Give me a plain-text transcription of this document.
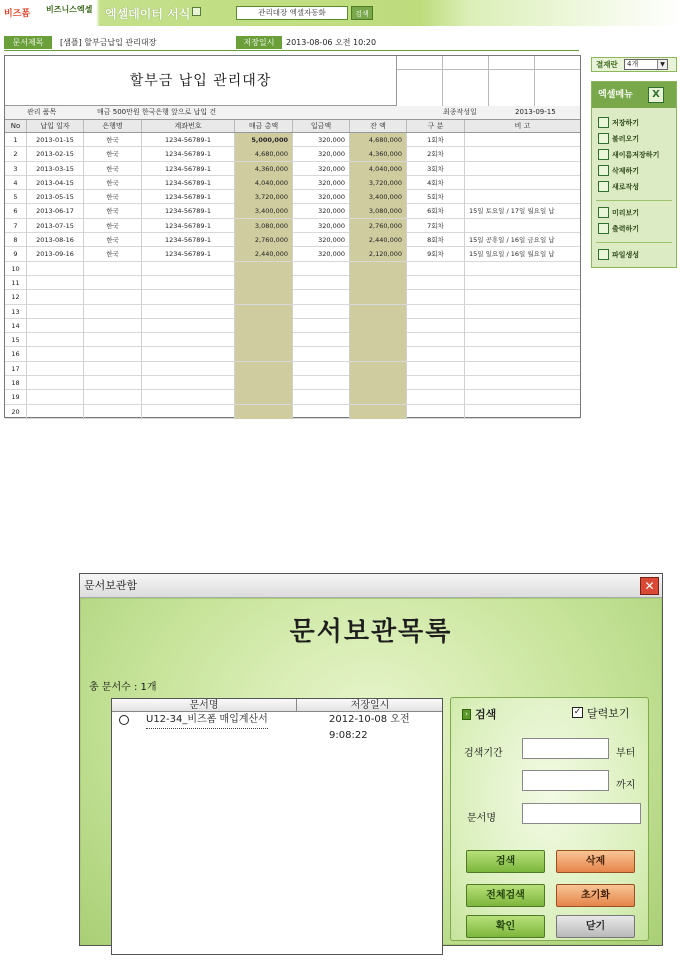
비즈폼 비즈니스엑셀 엑셀데이터 서식	관리대장 엑셀자동화	검색
문서제목	[샘플] 할부금납입 관리대장	저장일시	2013-08-06 오전 10:20
할부금 납입 관리대장
관리 품목	매금 500만원 한국은행 앞으로 납입 건	최종작성일	2013-09-15
No	납입 일자	은행명	계좌번호	매금 총액	입금액	잔 액	구 분	비 고
1	2013-01-15	한국	1234-56789-1	5,000,000	320,000	4,680,000	1회차
2	2013-02-15	한국	1234-56789-1	4,680,000	320,000	4,360,000	2회차
3	2013-03-15	한국	1234-56789-1	4,360,000	320,000	4,040,000	3회차
4	2013-04-15	한국	1234-56789-1	4,040,000	320,000	3,720,000	4회차
5	2013-05-15	한국	1234-56789-1	3,720,000	320,000	3,400,000	5회차
6	2013-06-17	한국	1234-56789-1	3,400,000	320,000	3,080,000	6회차	15일 토요일 / 17일 월요일 납
7	2013-07-15	한국	1234-56789-1	3,080,000	320,000	2,760,000	7회차
8	2013-08-16	한국	1234-56789-1	2,760,000	320,000	2,440,000	8회차	15일 공휴일 / 16일 금요일 납
9	2013-09-16	한국	1234-56789-1	2,440,000	320,000	2,120,000	9회차	15일 일요일 / 16일 월요일 납
10
11
12
13
14
15
16
17
18
19
20
결재란	4개	▼
엑셀메뉴	X
저장하기
불러오기
새이름저장하기
삭제하기
새로작성
미리보기
출력하기
파일생성
문서보관함	✕
문서보관목록
총 문서수 : 1개
문서명	저장일시
U12-34_비즈폼 매입계산서	2012-10-08 오전 9:08:22
› 검색	✓ 달력보기
검색기간	부터
까지
문서명
검색	삭제
전체검색	초기화
확인	닫기
